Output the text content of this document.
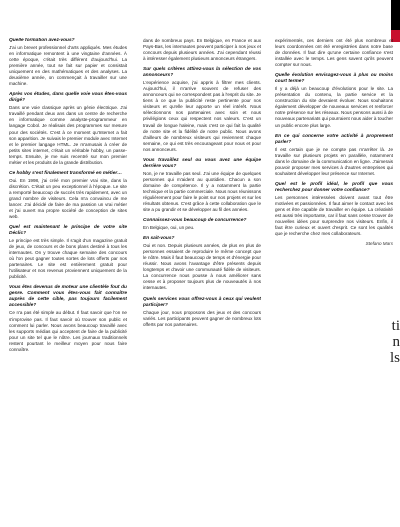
ti
n
ls

Quelle formation avez-vous?

J'ai un brevet professionnel d'arts appliqués. Mes études en informatique remontent à une vingtaine d'années. À cette époque, c'était très différent d'aujourd'hui. La première année, tout se fait sur papier et consistait uniquement en des mathématiques et des analyses. La deuxième année, on commençait à travailler sur une machine.

Après vos études, dans quelle voie vous êtes-vous dirigé?

Dans une voie classique après un génie électrique. J'ai travaillé pendant deux ans dans un centre de recherche en informatique comme analyste-programmeur en langage Cobol. Je réalisais des programmes sur mesure pour des sociétés. C'est à ce moment qu'Internet a fait son apparition. Je suivais le premier module avec Internet et le premier langage HTML. Je m'amusais à créer de petits sites internet, c'était un véritable hobby, un passe-temps. Ensuite, je me suis recentré sur mon premier métier et les produits de la grande distribution.

Ce hobby s'est finalement transformé en métier…

Oui. En 1998, j'ai créé mon premier vrai site, dans la discrétion. C'était un peu exceptionnel à l'époque. Le site a remporté beaucoup de succès très rapidement, avec un grand nombre de visiteurs. Cela m'a convaincu de me lancer. J'ai décidé de faire de ma passion un vrai métier et j'ai ouvert ma propre société de conception de sites web.

Quel est maintenant le principe de votre site Déclic?

Le principe est très simple. Il s'agit d'un magazine gratuit de jeux, de concours et de bons plans destiné à tous les internautes. On y trouve chaque semaine des concours où l'on peut gagner toutes sortes de lots offerts par nos partenaires. Le site est entièrement gratuit pour l'utilisateur et nos revenus proviennent uniquement de la publicité.

Vous êtes devenus de moteur une clientèle fout du genre. Comment vous êtes-vous fait connaître auprès de cette cible, pas toujours facilement accessible?

Ce n'a pas été simple au début. Il faut savoir que l'on ne s'improvise pas. Il faut savoir où trouver son public et comment lui parler. Nous avons beaucoup travaillé avec les supports médias qui acceptent de faire de la publicité pour un site tel que le nôtre. Les journaux traditionnels restent pourtant le meilleur moyen pour nous faire connaître.

dans de nombreux pays. En Belgique, en France et aux Pays-Bas, les internautes peuvent participer à nos jeux et concours depuis plusieurs années. J'ai cependant réussi à intéresser également plusieurs annonceurs étrangers.

Sur quels critères attirez-vous la sélection de vos annonceurs?

L'expérience acquise, j'ai appris à filtrer mes clients. Aujourd'hui, il m'arrive souvent de refuser des annonceurs qui ne correspondent pas à l'esprit du site. Je tiens à ce que la publicité reste pertinente pour nos visiteurs et qu'elle leur apporte un réel intérêt. Nous sélectionnons nos partenaires avec soin et nous privilégions ceux qui respectent nos valeurs. C'est un travail de longue haleine, mais c'est ce qui fait la qualité de notre site et la fidélité de notre public. Nous avons d'ailleurs de nombreux visiteurs qui reviennent chaque semaine, ce qui est très encourageant pour nous et pour nos annonceurs.

Vous travaillez seul ou vous avez une équipe derrière vous?

Non, je ne travaille pas seul. J'ai une équipe de quelques personnes qui m'aident au quotidien. Chacun a son domaine de compétence. Il y a notamment la partie technique et la partie commerciale. Nous nous réunissons régulièrement pour faire le point sur nos projets et sur les résultats obtenus. C'est grâce à cette collaboration que le site a pu grandir et se développer au fil des années.

Connaissez-vous beaucoup de concurrence?

En Belgique, oui, un peu.

En sait-vous?

Oui et non. Depuis plusieurs années, de plus en plus de personnes essaient de reproduire le même concept que le nôtre. Mais il faut beaucoup de temps et d'énergie pour réussir. Nous avons l'avantage d'être présents depuis longtemps et d'avoir une communauté fidèle de visiteurs. La concurrence nous pousse à nous améliorer sans cesse et à proposer toujours plus de nouveautés à nos internautes.

Quels services vous offrez-vous à ceux qui veulent participer?

Chaque jour, nous proposons des jeux et des concours variés. Les participants peuvent gagner de nombreux lots offerts par nos partenaires.

expérimentés, ces derniers ont été plus nombreux et leurs coordonnées ont été enregistrées dans notre base de données. Il faut dire qu'une certaine confiance s'est installée avec le temps. Les gens savent qu'ils peuvent compter sur nous.

Quelle évolution envisagez-vous à plus ou moins court terme?

Il y a déjà un beaucoup d'évolutions pour le site. La présentation du contenu, la partie service et la construction du site devraient évoluer. Nous souhaitons également développer de nouveaux services et renforcer notre présence sur les réseaux. Nous pensons aussi à de nouveaux partenariats qui pourraient nous aider à toucher un public encore plus large.

En ce qui concerne votre activité à proprement parler?

Il est certain que je ne compte pas m'arrêter là. Je travaille sur plusieurs projets en parallèle, notamment dans le domaine de la communication en ligne. J'aimerais pouvoir proposer mes services à d'autres entreprises qui souhaitent développer leur présence sur Internet.

Quel est le profil idéal, le profil que vous recherchez pour donner votre confiance?

Les personnes intéressées doivent avant tout être motivées et passionnées. Il faut aimer le contact avec les gens et être capable de travailler en équipe. La créativité est aussi très importante, car il faut sans cesse trouver de nouvelles idées pour surprendre nos visiteurs. Enfin, il faut être curieux et ouvert d'esprit. Ce sont les qualités que je recherche chez mes collaborateurs.

Stefano Mars
